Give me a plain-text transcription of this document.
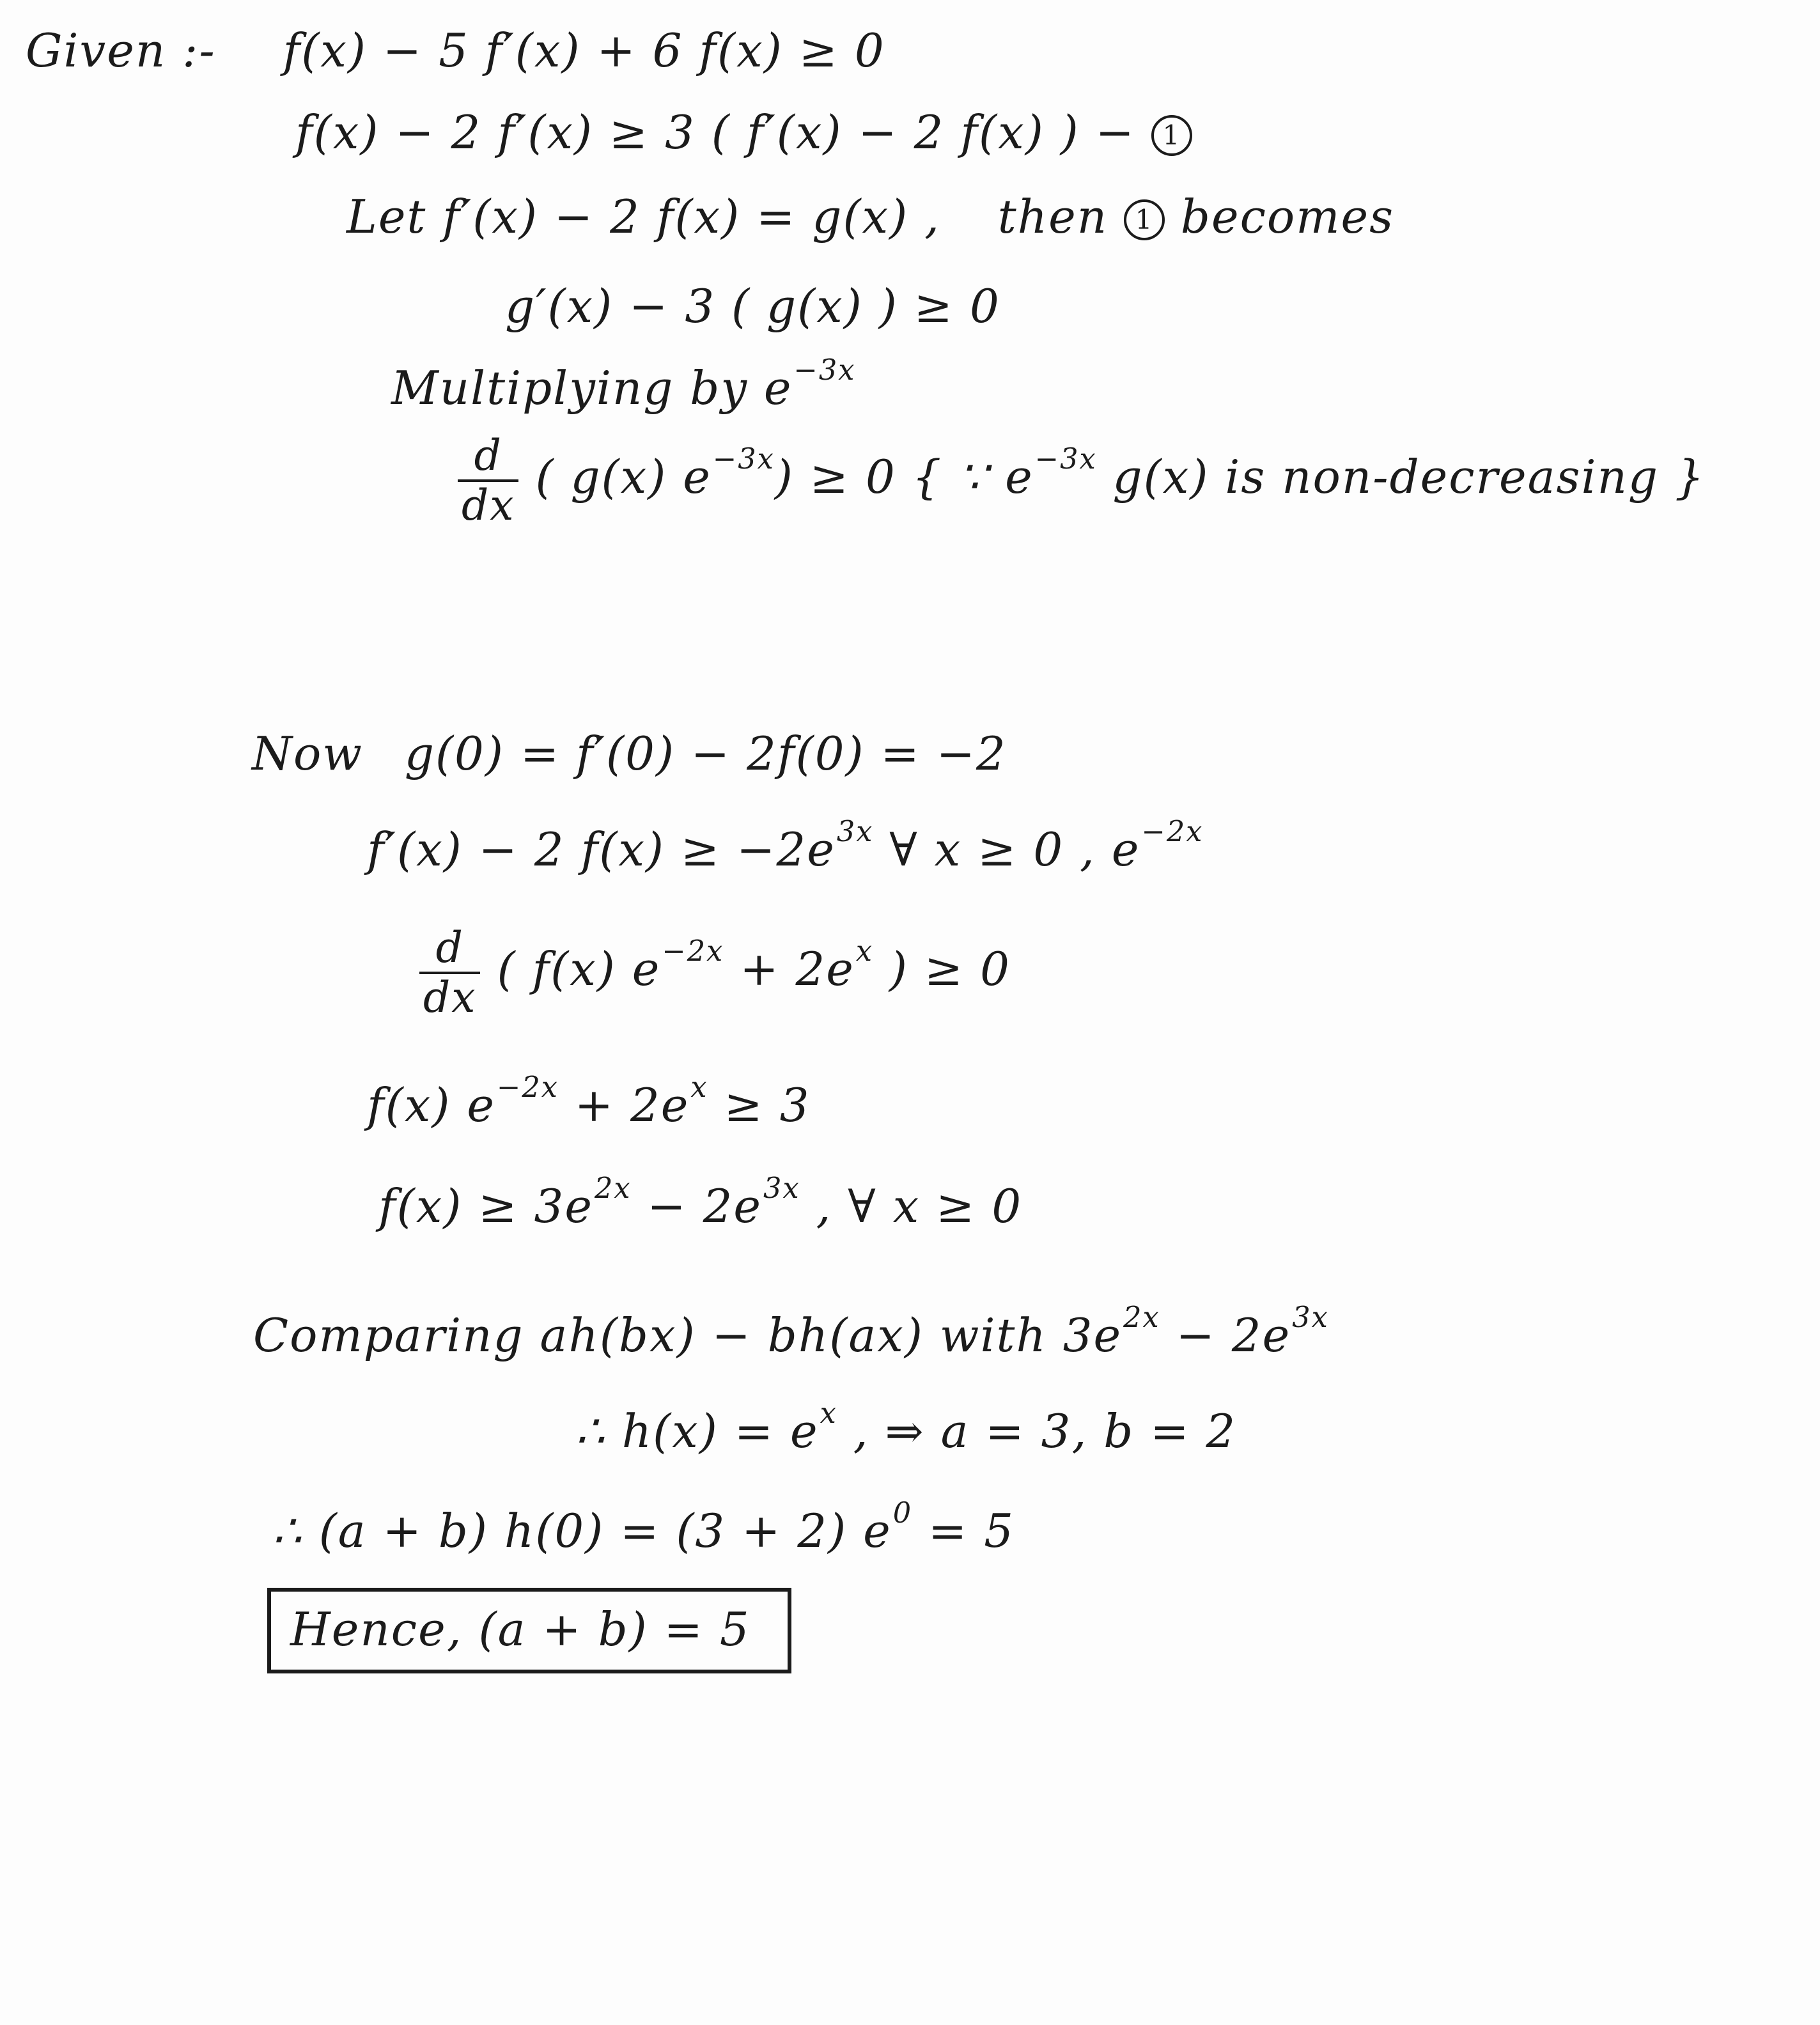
Given :- f(x) − 5 f′(x) + 6 f(x) ≥ 0
f(x) − 2 f′(x) ≥ 3 ( f′(x) − 2 f(x) ) − 1
Let f′(x) − 2 f(x) = g(x) , then 1 becomes
g′(x) − 3 ( g(x) ) ≥ 0
Multiplying by $e^{-3x}$
$\frac{d}{dx}$ ( g(x) $e^{-3x}) \ge 0$ { ∵ $e^{-3x}$ g(x) is non-decreasing }
Now g(0) = f′(0) − 2f(0) = −2
f′(x) − 2 $f(x) \ge -2e^{3x}$ ∀ x ≥ 0 , $e^{-2x}$
$\frac{d}{dx}$ ( f(x) $e^{-2x} + 2e^x$ ) ≥ 0
f(x) $e^{-2x} + 2e^x \ge 3$
$f(x) \ge 3e^{2x} - 2e^{3x}$ , ∀ x ≥ 0
Comparing ah(bx) − bh(ax) with $3e^{2x} - 2e^{3x}$
∴ $h(x) = e^x$ , ⇒ a = 3, b = 2
∴ (a + b) h(0) = (3 + 2) $e^0 = 5$
Hence, (a + b) = 5
